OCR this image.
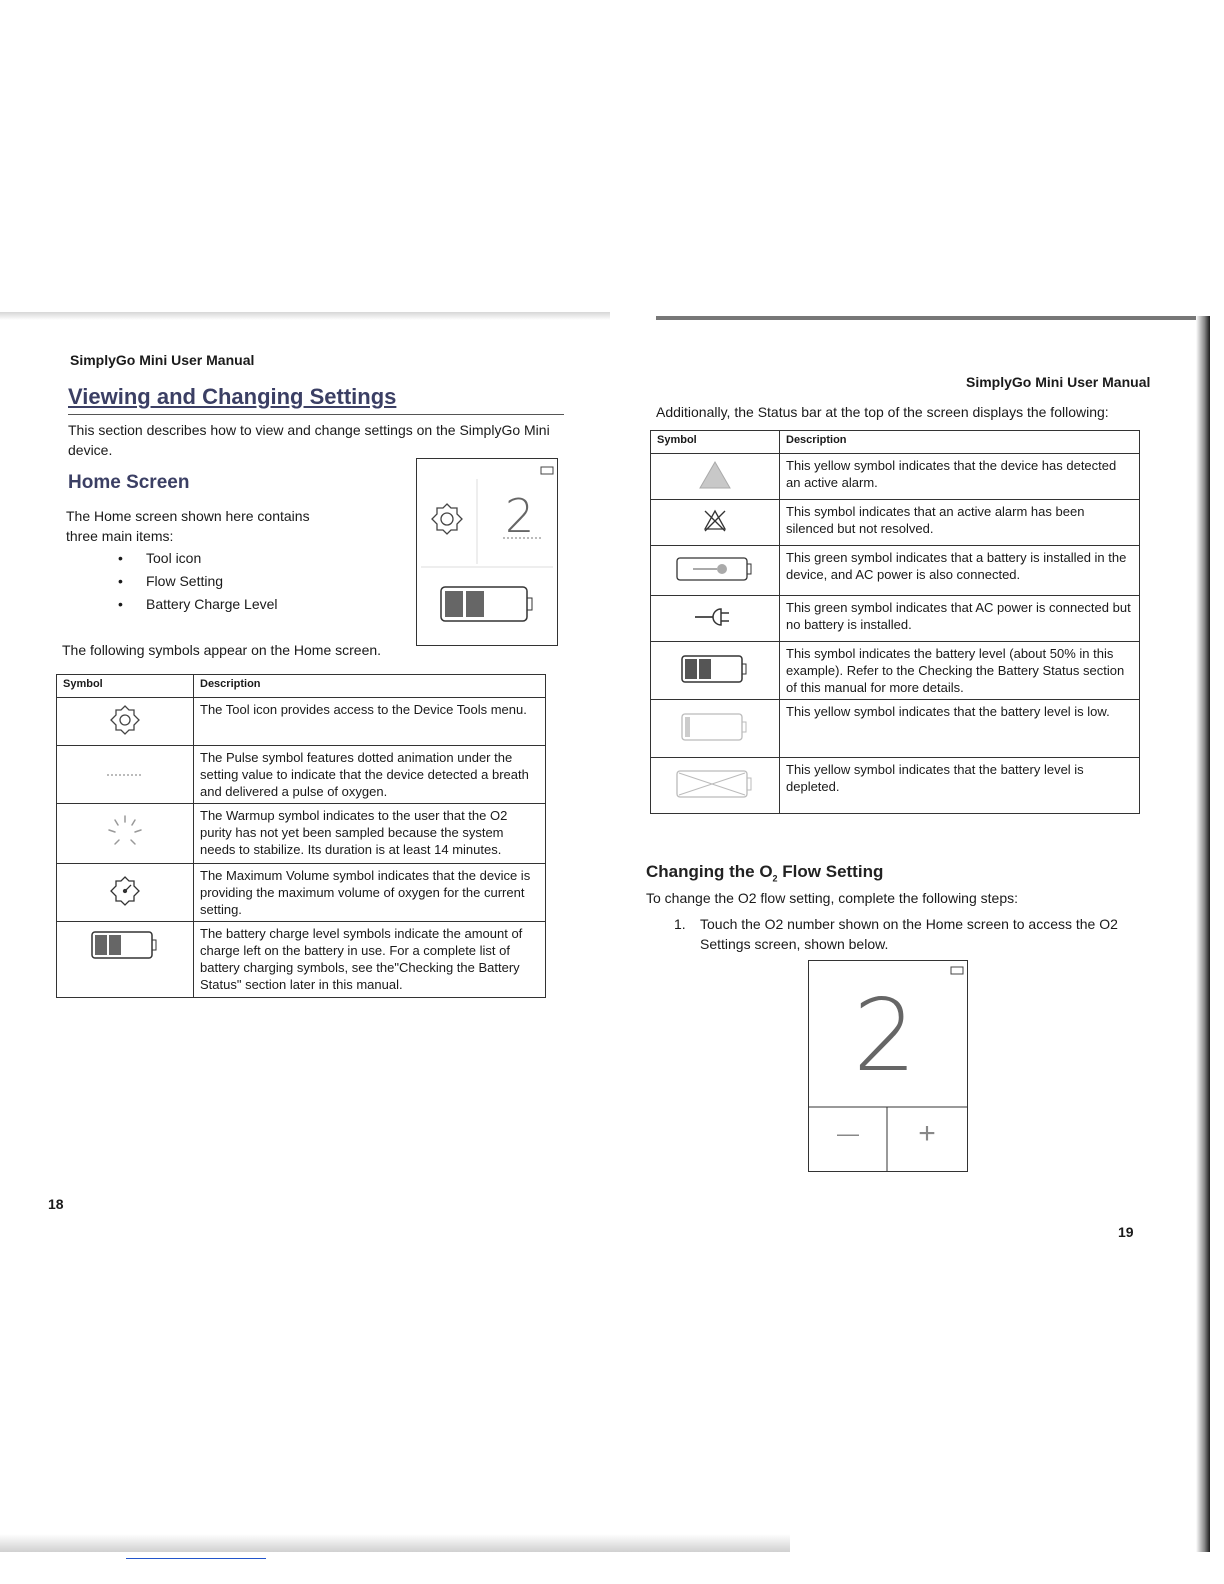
SimplyGo Mini User Manual
Viewing and Changing Settings

This section describes how to view and change settings on the SimplyGo Mini device.

Home Screen

The Home screen shown here contains three main items:

• Tool icon
• Flow Setting
• Battery Charge Level
2

The following symbols appear on the Home screen.

Symbol	Description
	The Tool icon provides access to the Device Tools menu.
	The Pulse symbol features dotted animation under the setting value to indicate that the device detected a breath and delivered a pulse of oxygen.
	The Warmup symbol indicates to the user that the O2 purity has not yet been sampled because the system needs to stabilize. Its duration is at least 14 minutes.
	The Maximum Volume symbol indicates that the device is providing the maximum volume of oxygen for the current setting.
	The battery charge level symbols indicate the amount of charge left on the battery in use. For a complete list of battery charging symbols, see the"Checking the Battery Status" section later in this manual.
18
SimplyGo Mini User Manual

Additionally, the Status bar at the top of the screen displays the following:

Symbol	Description
	This yellow symbol indicates that the device has detected an active alarm.
	This symbol indicates that an active alarm has been silenced but not resolved.
	This green symbol indicates that a battery is installed in the device, and AC power is also connected.
	This green symbol indicates that AC power is connected but no battery is installed.
	This symbol indicates the battery level (about 50% in this example). Refer to the Checking the Battery Status section of this manual for more details.
	This yellow symbol indicates that the battery level is low.
	This yellow symbol indicates that the battery level is depleted.
Changing the $O_2$ Flow Setting

To change the O2 flow setting, complete the following steps:

1. Touch the O2 number shown on the Home screen to access the O2 Settings screen, shown below.

2
—	+
19
